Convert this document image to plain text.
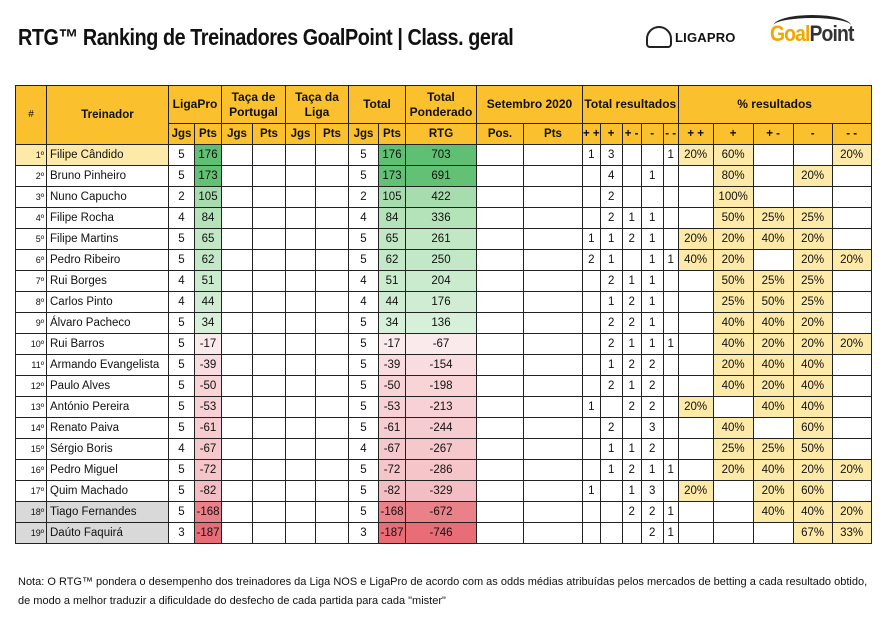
RTG™ Ranking de Treinadores GoalPoint | Class. geral	LIGAPRO GoalPoint
#	Treinador	LigaPro		Taça de Portugal		Taça da Liga		Total		Total Ponderado	Setembro 2020		Total resultados					% resultados				
		Jgs	Pts	Jgs	Pts	Jgs	Pts	Jgs	Pts	RTG	Pos.	Pts	+ +	+	+ -	-	- -	+ +	+	+ -	-	- -
1º	Filipe Cândido	5	176					5	176	703			1	3			1	20%	60%			20%
2º	Bruno Pinheiro	5	173					5	173	691				4		1			80%		20%	
3º	Nuno Capucho	2	105					2	105	422				2					100%			
4º	Filipe Rocha	4	84					4	84	336				2	1	1			50%	25%	25%	
5º	Filipe Martins	5	65					5	65	261			1	1	2	1		20%	20%	40%	20%	
6º	Pedro Ribeiro	5	62					5	62	250			2	1		1	1	40%	20%		20%	20%
7º	Rui Borges	4	51					4	51	204				2	1	1			50%	25%	25%	
8º	Carlos Pinto	4	44					4	44	176				1	2	1			25%	50%	25%	
9º	Álvaro Pacheco	5	34					5	34	136				2	2	1			40%	40%	20%	
10º	Rui Barros	5	-17					5	-17	-67				2	1	1	1		40%	20%	20%	20%
11º	Armando Evangelista	5	-39					5	-39	-154				1	2	2			20%	40%	40%	
12º	Paulo Alves	5	-50					5	-50	-198				2	1	2			40%	20%	40%	
13º	António Pereira	5	-53					5	-53	-213			1		2	2		20%		40%	40%	
14º	Renato Paiva	5	-61					5	-61	-244				2		3			40%		60%	
15º	Sérgio Boris	4	-67					4	-67	-267				1	1	2			25%	25%	50%	
16º	Pedro Miguel	5	-72					5	-72	-286				1	2	1	1		20%	40%	20%	20%
17º	Quim Machado	5	-82					5	-82	-329			1		1	3		20%		20%	60%	
18º	Tiago Fernandes	5	-168					5	-168	-672					2	2	1			40%	40%	20%
19º	Daúto Faquirá	3	-187					3	-187	-746						2	1				67%	33%
Nota: O RTG™ pondera o desempenho dos treinadores da Liga NOS e LigaPro de acordo com as odds médias atribuídas pelos mercados de betting a cada resultado obtido,
de modo a melhor traduzir a dificuldade do desfecho de cada partida para cada "mister"
